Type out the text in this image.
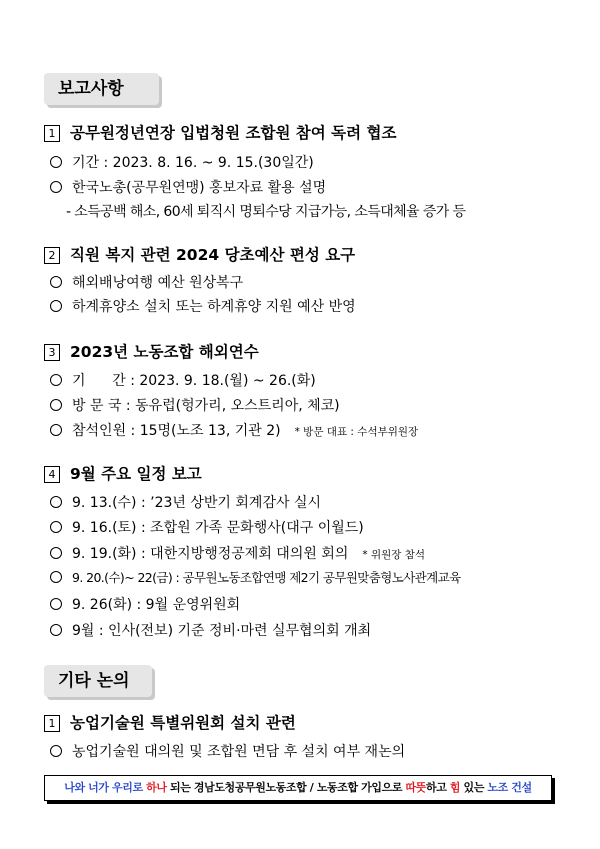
보고사항
1 공무원정년연장 입법청원 조합원 참여 독려 협조
기간 : 2023. 8. 16. ~ 9. 15.(30일간)
한국노총(공무원연맹) 홍보자료 활용 설명
- 소득공백 해소, 60세 퇴직시 명퇴수당 지급가능, 소득대체율 증가 등
2 직원 복지 관련 2024 당초예산 편성 요구
해외배낭여행 예산 원상복구
하계휴양소 설치 또는 하계휴양 지원 예산 반영
3 2023년 노동조합 해외연수
기      간 : 2023. 9. 18.(월) ~ 26.(화)
방 문 국 : 동유럽(헝가리, 오스트리아, 체코)
참석인원 : 15명(노조 13, 기관 2) * 방문 대표 : 수석부위원장
4 9월 주요 일정 보고
9. 13.(수) : ’23년 상반기 회계감사 실시
9. 16.(토) : 조합원 가족 문화행사(대구 이월드)
9. 19.(화) : 대한지방행정공제회 대의원 회의 * 위원장 참석
9. 20.(수)~ 22(금) : 공무원노동조합연맹 제2기 공무원맞춤형노사관계교육
9. 26(화) : 9월 운영위원회
9월 : 인사(전보) 기준 정비·마련 실무협의회 개최
기타 논의
1 농업기술원 특별위원회 설치 관련
농업기술원 대의원 및 조합원 면담 후 설치 여부 재논의
나와 너가 우리로 하나 되는 경남도청공무원노동조합 / 노동조합 가입으로 따뜻하고 힘 있는 노조 건설
